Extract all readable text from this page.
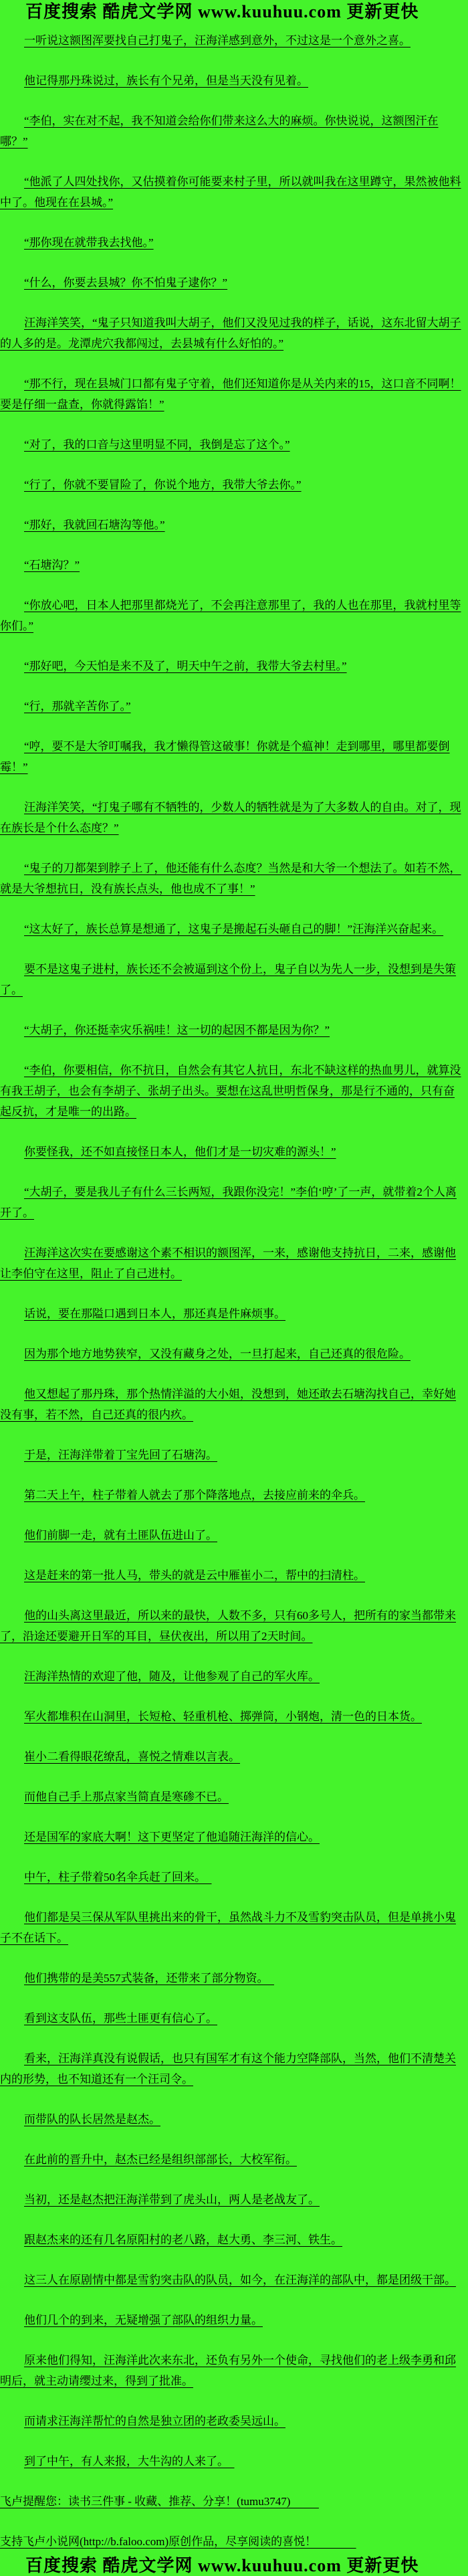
百度搜索 酷虎文学网 www.kuuhuu.com 更新更快

一听说这额图浑要找自己打鬼子，汪海洋感到意外，不过这是一个意外之喜。

他记得那丹珠说过，族长有个兄弟，但是当天没有见着。

“李伯，实在对不起，我不知道会给你们带来这么大的麻烦。你快说说，这额图汗在哪？”

“他派了人四处找你，又估摸着你可能要来村子里，所以就叫我在这里蹲守，果然被他料中了。他现在在县城。”

“那你现在就带我去找他。”

“什么，你要去县城？你不怕鬼子逮你？”

汪海洋笑笑，“鬼子只知道我叫大胡子，他们又没见过我的样子，话说，这东北留大胡子的人多的是。龙潭虎穴我都闯过，去县城有什么好怕的。”

“那不行，现在县城门口都有鬼子守着，他们还知道你是从关内来的15，这口音不同啊！要是仔细一盘查，你就得露馅！”

“对了，我的口音与这里明显不同，我倒是忘了这个。”

“行了，你就不要冒险了，你说个地方，我带大爷去你。”

“那好，我就回石塘沟等他。”

“石塘沟？”

“你放心吧，日本人把那里都烧光了，不会再注意那里了，我的人也在那里，我就村里等你们。”

“那好吧，今天怕是来不及了，明天中午之前，我带大爷去村里。”

“行，那就辛苦你了。”

“哼，要不是大爷叮嘱我，我才懒得管这破事！你就是个瘟神！走到哪里，哪里都要倒霉！”

汪海洋笑笑，“打鬼子哪有不牺牲的，少数人的牺牲就是为了大多数人的自由。对了，现在族长是个什么态度？”

“鬼子的刀都架到脖子上了，他还能有什么态度？当然是和大爷一个想法了。如若不然，就是大爷想抗日，没有族长点头，他也成不了事！”

“这太好了，族长总算是想通了，这鬼子是搬起石头砸自己的脚！”汪海洋兴奋起来。

要不是这鬼子进村，族长还不会被逼到这个份上，鬼子自以为先人一步，没想到是失策了。

“大胡子，你还挺幸灾乐祸哇！这一切的起因不都是因为你？”

“李伯，你要相信，你不抗日，自然会有其它人抗日，东北不缺这样的热血男儿，就算没有我王胡子，也会有李胡子、张胡子出头。要想在这乱世明哲保身，那是行不通的，只有奋起反抗，才是唯一的出路。

你要怪我，还不如直接怪日本人，他们才是一切灾难的源头！”

“大胡子，要是我儿子有什么三长两短，我跟你没完！”李伯‘哼’了一声，就带着2个人离开了。

汪海洋这次实在要感谢这个素不相识的额图浑，一来，感谢他支持抗日，二来，感谢他让李伯守在这里，阻止了自己进村。

话说，要在那隘口遇到日本人，那还真是件麻烦事。

因为那个地方地势狭窄，又没有藏身之处，一旦打起来，自己还真的很危险。

他又想起了那丹珠，那个热情洋溢的大小姐，没想到，她还敢去石塘沟找自己，幸好她没有事，若不然，自己还真的很内疚。

于是，汪海洋带着丁宝先回了石塘沟。

第二天上午，柱子带着人就去了那个降落地点，去接应前来的伞兵。

他们前脚一走，就有土匪队伍进山了。

这是赶来的第一批人马，带头的就是云中雁崔小二，帮中的扫清柱。

他的山头离这里最近，所以来的最快，人数不多，只有60多号人，把所有的家当都带来了，沿途还要避开日军的耳目，昼伏夜出，所以用了2天时间。

汪海洋热情的欢迎了他，随及，让他参观了自己的军火库。

军火都堆积在山洞里，长短枪、轻重机枪、掷弹筒，小钢炮，清一色的日本货。

崔小二看得眼花缭乱，喜悦之情难以言表。

而他自己手上那点家当简直是寒碜不已。

还是国军的家底大啊！这下更坚定了他追随汪海洋的信心。

中午，柱子带着50名伞兵赶了回来。

他们都是吴三保从军队里挑出来的骨干，虽然战斗力不及雪豹突击队员，但是单挑小鬼子不在话下。

他们携带的是美557式装备，还带来了部分物资。

看到这支队伍，那些土匪更有信心了。

看来，汪海洋真没有说假话，也只有国军才有这个能力空降部队，当然，他们不清楚关内的形势，也不知道还有一个汪司令。

而带队的队长居然是赵杰。

在此前的晋升中，赵杰已经是组织部部长，大校军衔。

当初，还是赵杰把汪海洋带到了虎头山，两人是老战友了。

跟赵杰来的还有几名原阳村的老八路，赵大勇、李三河、铁生。

这三人在原剧情中都是雪豹突击队的队员，如今，在汪海洋的部队中，都是团级干部。

他们几个的到来，无疑增强了部队的组织力量。

原来他们得知，汪海洋此次来东北，还负有另外一个使命，寻找他们的老上级李勇和邱明后，就主动请缨过来，得到了批准。

而请求汪海洋帮忙的自然是独立团的老政委吴远山。

到了中午，有人来报，大牛沟的人来了。

飞卢提醒您：读书三件事 - 收藏、推荐、分享！(tumu3747)

支持飞卢小说网(http://b.faloo.com)原创作品，尽享阅读的喜悦！

百度搜索 酷虎文学网 www.kuuhuu.com 更新更快
